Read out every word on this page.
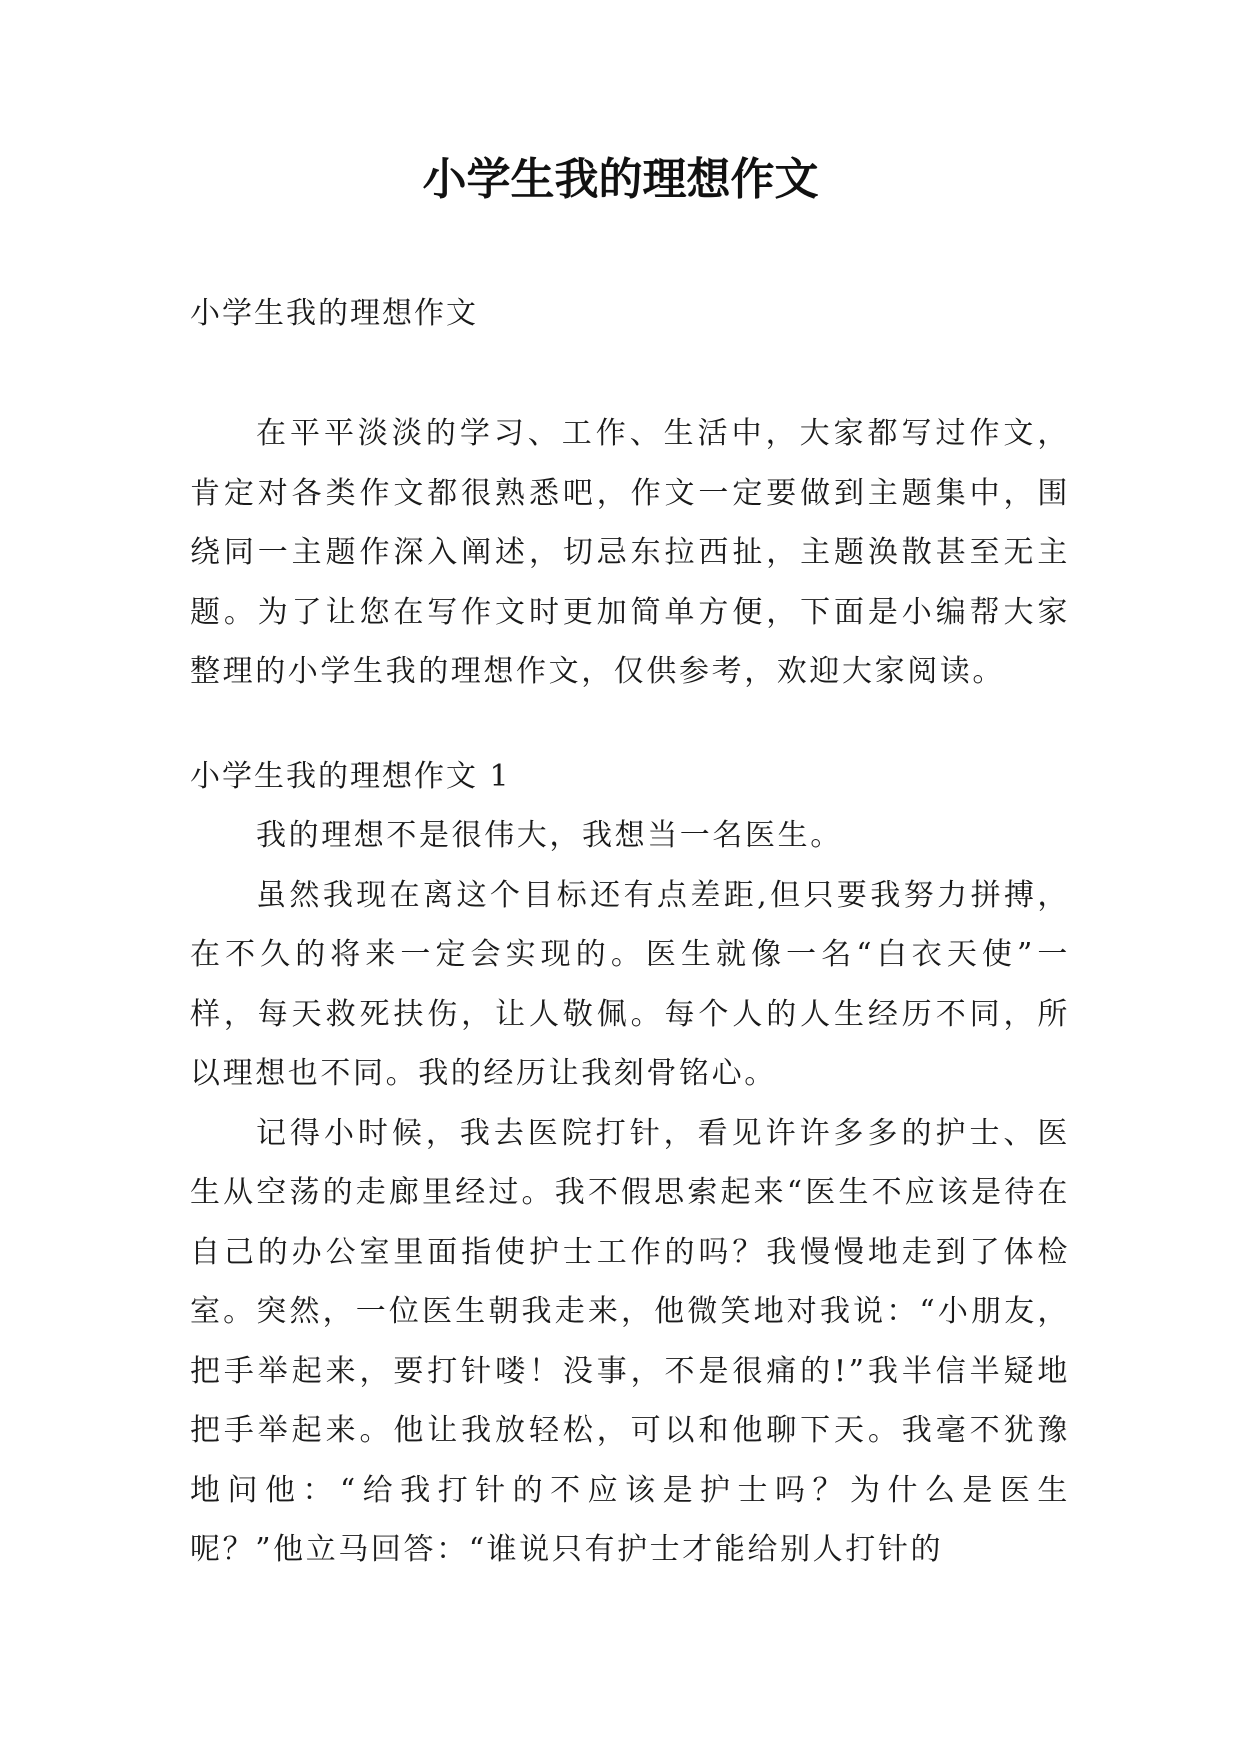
小学生我的理想作文

小学生我的理想作文

在平平淡淡的学习、工作、生活中，大家都写过作文，肯定对各类作文都很熟悉吧，作文一定要做到主题集中，围绕同一主题作深入阐述，切忌东拉西扯，主题涣散甚至无主题。为了让您在写作文时更加简单方便，下面是小编帮大家整理的小学生我的理想作文，仅供参考，欢迎大家阅读。

小学生我的理想作文 1

我的理想不是很伟大，我想当一名医生。

虽然我现在离这个目标还有点差距,但只要我努力拼搏，在不久的将来一定会实现的。医生就像一名“白衣天使”一样，每天救死扶伤，让人敬佩。每个人的人生经历不同，所以理想也不同。我的经历让我刻骨铭心。

记得小时候，我去医院打针，看见许许多多的护士、医生从空荡的走廊里经过。我不假思索起来“医生不应该是待在自己的办公室里面指使护士工作的吗？我慢慢地走到了体检室。突然，一位医生朝我走来，他微笑地对我说：“小朋友，把手举起来，要打针喽！没事，不是很痛的!”我半信半疑地把手举起来。他让我放轻松，可以和他聊下天。我毫不犹豫地问他：“给我打针的不应该是护士吗？为什么是医生呢？”他立马回答：“谁说只有护士才能给别人打针的
